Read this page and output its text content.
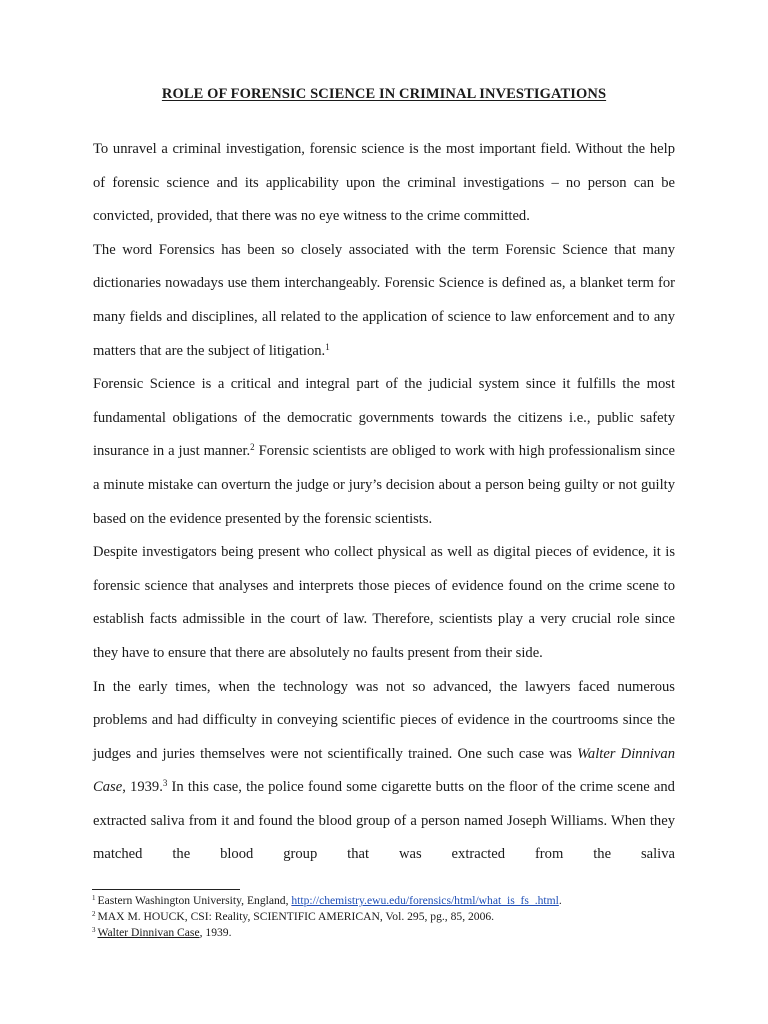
ROLE OF FORENSIC SCIENCE IN CRIMINAL INVESTIGATIONS

To unravel a criminal investigation, forensic science is the most important field. Without the help of forensic science and its applicability upon the criminal investigations – no person can be convicted, provided, that there was no eye witness to the crime committed.

The word Forensics has been so closely associated with the term Forensic Science that many dictionaries nowadays use them interchangeably. Forensic Science is defined as, a blanket term for many fields and disciplines, all related to the application of science to law enforcement and to any matters that are the subject of litigation.$^1$

Forensic Science is a critical and integral part of the judicial system since it fulfills the most fundamental obligations of the democratic governments towards the citizens i.e., public safety insurance in a just manner.$^2$ Forensic scientists are obliged to work with high professionalism since a minute mistake can overturn the judge or jury’s decision about a person being guilty or not guilty based on the evidence presented by the forensic scientists.

Despite investigators being present who collect physical as well as digital pieces of evidence, it is forensic science that analyses and interprets those pieces of evidence found on the crime scene to establish facts admissible in the court of law. Therefore, scientists play a very crucial role since they have to ensure that there are absolutely no faults present from their side.

In the early times, when the technology was not so advanced, the lawyers faced numerous problems and had difficulty in conveying scientific pieces of evidence in the courtrooms since the judges and juries themselves were not scientifically trained. One such case was Walter Dinnivan Case, 1939.$^3$ In this case, the police found some cigarette butts on the floor of the crime scene and extracted saliva from it and found the blood group of a person named Joseph Williams. When they matched the blood group that was extracted from the saliva

$^1$ Eastern Washington University, England, http://chemistry.ewu.edu/forensics/html/what_is_fs_.html.
$^2$ MAX M. HOUCK, CSI: Reality, SCIENTIFIC AMERICAN, Vol. 295, pg., 85, 2006.
$^3$ Walter Dinnivan Case, 1939.
